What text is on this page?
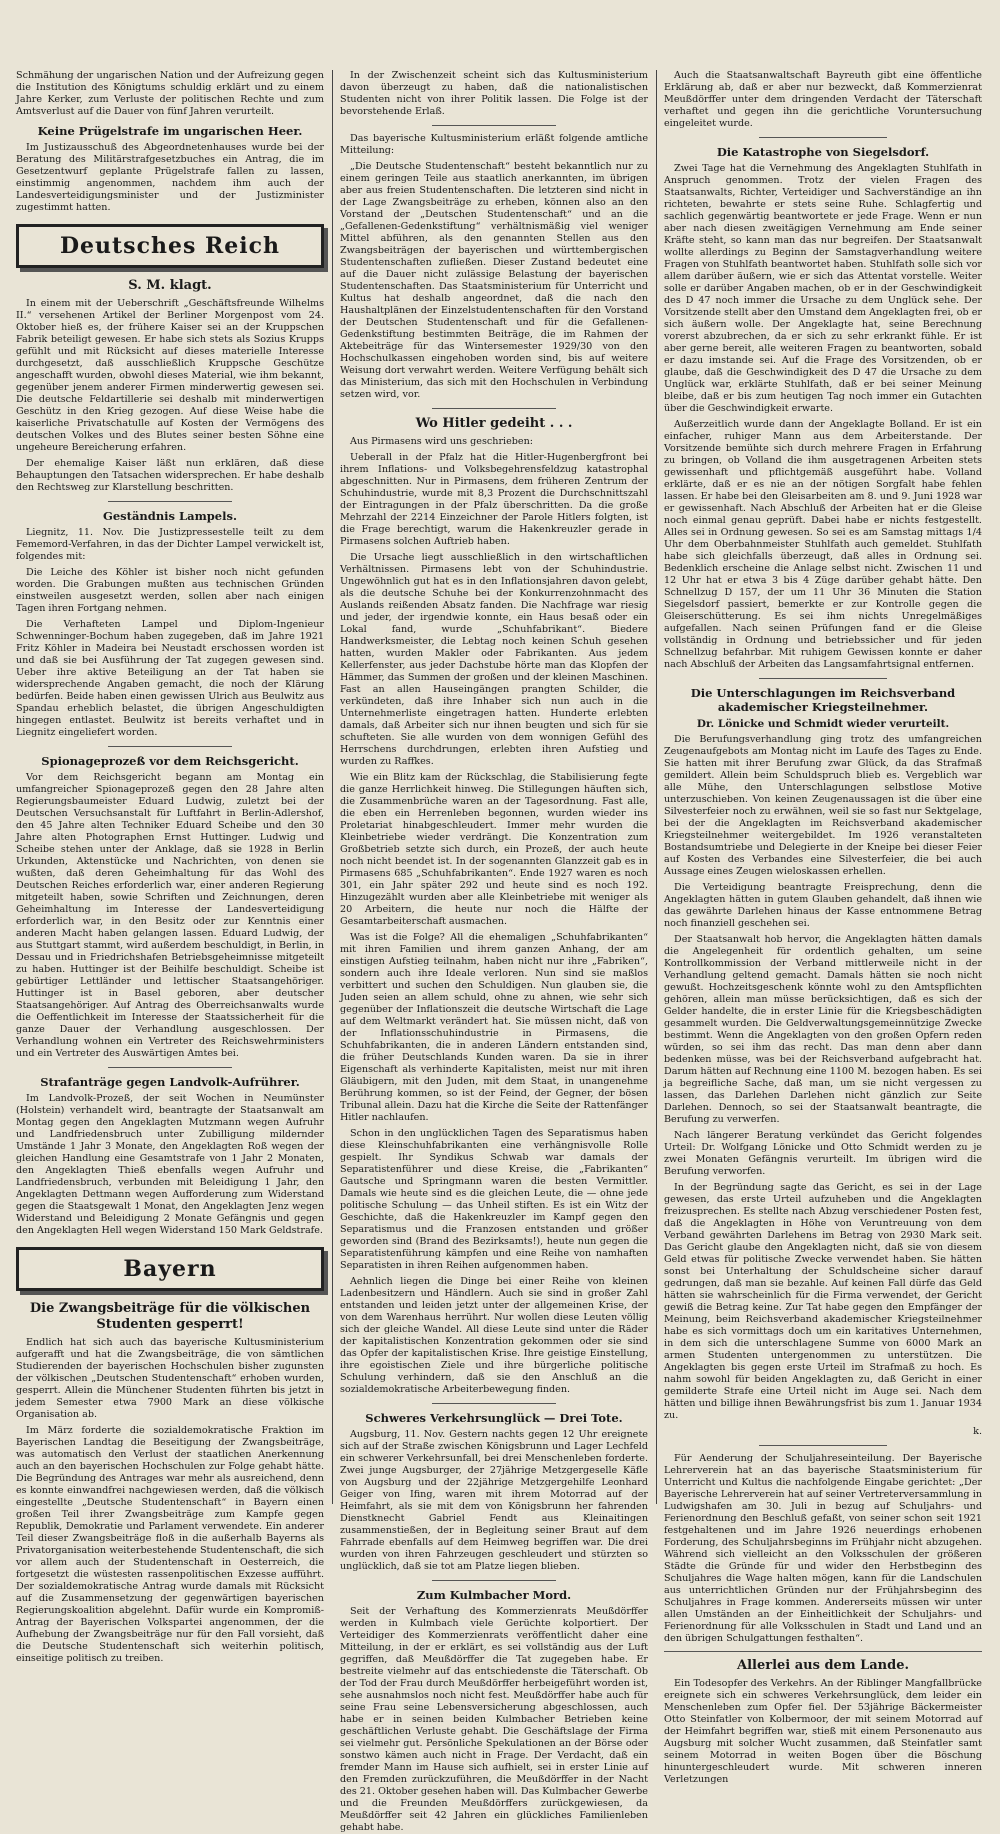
Schmähung der ungarischen Nation und der Aufreizung gegen die Institution des Königtums schuldig erklärt und zu einem Jahre Kerker, zum Verluste der politischen Rechte und zum Amtsverlust auf die Dauer von fünf Jahren verurteilt.

Keine Prügelstrafe im ungarischen Heer.

Im Justizausschuß des Abgeordnetenhauses wurde bei der Beratung des Militärstrafgesetzbuches ein Antrag, die im Gesetzentwurf geplante Prügelstrafe fallen zu lassen, einstimmig angenommen, nachdem ihm auch der Landesverteidigungsminister und der Justizminister zugestimmt hatten.

Deutsches Reich
S. M. klagt.

In einem mit der Ueberschrift „Geschäftsfreunde Wilhelms II.“ versehenen Artikel der Berliner Morgenpost vom 24. Oktober hieß es, der frühere Kaiser sei an der Kruppschen Fabrik beteiligt gewesen. Er habe sich stets als Sozius Krupps gefühlt und mit Rücksicht auf dieses materielle Interesse durchgesetzt, daß ausschließlich Kruppsche Geschütze angeschafft wurden, obwohl dieses Material, wie ihm bekannt, gegenüber jenem anderer Firmen minderwertig gewesen sei. Die deutsche Feldartillerie sei deshalb mit minderwertigen Geschütz in den Krieg gezogen. Auf diese Weise habe die kaiserliche Privatschatulle auf Kosten der Vermögens des deutschen Volkes und des Blutes seiner besten Söhne eine ungeheure Bereicherung erfahren.

Der ehemalige Kaiser läßt nun erklären, daß diese Behauptungen den Tatsachen widersprechen. Er habe deshalb den Rechtsweg zur Klarstellung beschritten.

Geständnis Lampels.

Liegnitz, 11. Nov. Die Justizpressestelle teilt zu dem Fememord-Verfahren, in das der Dichter Lampel verwickelt ist, folgendes mit:

Die Leiche des Köhler ist bisher noch nicht gefunden worden. Die Grabungen mußten aus technischen Gründen einstweilen ausgesetzt werden, sollen aber nach einigen Tagen ihren Fortgang nehmen.

Die Verhafteten Lampel und Diplom-Ingenieur Schwenninger-Bochum haben zugegeben, daß im Jahre 1921 Fritz Köhler in Madeira bei Neustadt erschossen worden ist und daß sie bei Ausführung der Tat zugegen gewesen sind. Ueber ihre aktive Beteiligung an der Tat haben sie widersprechende Angaben gemacht, die noch der Klärung bedürfen. Beide haben einen gewissen Ulrich aus Beulwitz aus Spandau erheblich belastet, die übrigen Angeschuldigten hingegen entlastet. Beulwitz ist bereits verhaftet und in Liegnitz eingeliefert worden.

Spionageprozeß vor dem Reichsgericht.

Vor dem Reichsgericht begann am Montag ein umfangreicher Spionageprozeß gegen den 28 Jahre alten Regierungsbaumeister Eduard Ludwig, zuletzt bei der Deutschen Versuchsanstalt für Luftfahrt in Berlin-Adlershof, den 45 Jahre alten Techniker Eduard Scheibe und den 30 Jahre alten Photographen Ernst Huttinger. Ludwig und Scheibe stehen unter der Anklage, daß sie 1928 in Berlin Urkunden, Aktenstücke und Nachrichten, von denen sie wußten, daß deren Geheimhaltung für das Wohl des Deutschen Reiches erforderlich war, einer anderen Regierung mitgeteilt haben, sowie Schriften und Zeichnungen, deren Geheimhaltung im Interesse der Landesverteidigung erforderlich war, in den Besitz oder zur Kenntnis einer anderen Macht haben gelangen lassen. Eduard Ludwig, der aus Stuttgart stammt, wird außerdem beschuldigt, in Berlin, in Dessau und in Friedrichshafen Betriebsgeheimnisse mitgeteilt zu haben. Huttinger ist der Beihilfe beschuldigt. Scheibe ist gebürtiger Lettländer und lettischer Staatsangehöriger. Huttinger ist in Basel geboren, aber deutscher Staatsangehöriger. Auf Antrag des Oberreichsanwalts wurde die Oeffentlichkeit im Interesse der Staatssicherheit für die ganze Dauer der Verhandlung ausgeschlossen. Der Verhandlung wohnen ein Vertreter des Reichswehrministers und ein Vertreter des Auswärtigen Amtes bei.

Strafanträge gegen Landvolk-Aufrührer.

Im Landvolk-Prozeß, der seit Wochen in Neumünster (Holstein) verhandelt wird, beantragte der Staatsanwalt am Montag gegen den Angeklagten Mutzmann wegen Aufruhr und Landfriedensbruch unter Zubilligung mildernder Umstände 1 Jahr 3 Monate, den Angeklagten Roß wegen der gleichen Handlung eine Gesamtstrafe von 1 Jahr 2 Monaten, den Angeklagten Thieß ebenfalls wegen Aufruhr und Landfriedensbruch, verbunden mit Beleidigung 1 Jahr, den Angeklagten Dettmann wegen Aufforderung zum Widerstand gegen die Staatsgewalt 1 Monat, den Angeklagten Jenz wegen Widerstand und Beleidigung 2 Monate Gefängnis und gegen den Angeklagten Hell wegen Widerstand 150 Mark Geldstrafe.

Bayern
Die Zwangsbeiträge für die völkischen Studenten gesperrt!

Endlich hat sich auch das bayerische Kultusministerium aufgerafft und hat die Zwangsbeiträge, die von sämtlichen Studierenden der bayerischen Hochschulen bisher zugunsten der völkischen „Deutschen Studentenschaft“ erhoben wurden, gesperrt. Allein die Münchener Studenten führten bis jetzt in jedem Semester etwa 7900 Mark an diese völkische Organisation ab.

Im März forderte die sozialdemokratische Fraktion im Bayerischen Landtag die Beseitigung der Zwangsbeiträge, was automatisch den Verlust der staatlichen Anerkennung auch an den bayerischen Hochschulen zur Folge gehabt hätte. Die Begründung des Antrages war mehr als ausreichend, denn es konnte einwandfrei nachgewiesen werden, daß die völkisch eingestellte „Deutsche Studentenschaft“ in Bayern einen großen Teil ihrer Zwangsbeiträge zum Kampfe gegen Republik, Demokratie und Parlament verwendete. Ein anderer Teil dieser Zwangsbeiträge floß in die außerhalb Bayerns als Privatorganisation weiterbestehende Studentenschaft, die sich vor allem auch der Studentenschaft in Oesterreich, die fortgesetzt die wüstesten rassenpolitischen Exzesse aufführt. Der sozialdemokratische Antrag wurde damals mit Rücksicht auf die Zusammensetzung der gegenwärtigen bayerischen Regierungskoalition abgelehnt. Dafür wurde ein Kompromiß-Antrag der Bayerischen Volkspartei angenommen, der die Aufhebung der Zwangsbeiträge nur für den Fall vorsieht, daß die Deutsche Studentenschaft sich weiterhin politisch, einseitige politisch zu treiben.

In der Zwischenzeit scheint sich das Kultusministerium davon überzeugt zu haben, daß die nationalistischen Studenten nicht von ihrer Politik lassen. Die Folge ist der bevorstehende Erlaß.

Das bayerische Kultusministerium erläßt folgende amtliche Mitteilung:

„Die Deutsche Studentenschaft“ besteht bekanntlich nur zu einem geringen Teile aus staatlich anerkannten, im übrigen aber aus freien Studentenschaften. Die letzteren sind nicht in der Lage Zwangsbeiträge zu erheben, können also an den Vorstand der „Deutschen Studentenschaft“ und an die „Gefallenen-Gedenkstiftung“ verhältnismäßig viel weniger Mittel abführen, als den genannten Stellen aus den Zwangsbeiträgen der bayerischen und württembergischen Studentenschaften zufließen. Dieser Zustand bedeutet eine auf die Dauer nicht zulässige Belastung der bayerischen Studentenschaften. Das Staatsministerium für Unterricht und Kultus hat deshalb angeordnet, daß die nach den Haushaltplänen der Einzelstudentenschaften für den Vorstand der Deutschen Studentenschaft und für die Gefallenen-Gedenkstiftung bestimmten Beiträge, die im Rahmen der Aktebeiträge für das Wintersemester 1929/30 von den Hochschulkassen eingehoben worden sind, bis auf weitere Weisung dort verwahrt werden. Weitere Verfügung behält sich das Ministerium, das sich mit den Hochschulen in Verbindung setzen wird, vor.

Wo Hitler gedeiht . . .

Aus Pirmasens wird uns geschrieben:

Ueberall in der Pfalz hat die Hitler-Hugenbergfront bei ihrem Inflations- und Volksbegehrensfeldzug katastrophal abgeschnitten. Nur in Pirmasens, dem früheren Zentrum der Schuhindustrie, wurde mit 8,3 Prozent die Durchschnittszahl der Eintragungen in der Pfalz überschritten. Da die große Mehrzahl der 2214 Einzeichner der Parole Hitlers folgten, ist die Frage berechtigt, warum die Hakenkreuzler gerade in Pirmasens solchen Auftrieb haben.

Die Ursache liegt ausschließlich in den wirtschaftlichen Verhältnissen. Pirmasens lebt von der Schuhindustrie. Ungewöhnlich gut hat es in den Inflationsjahren davon gelebt, als die deutsche Schuhe bei der Konkurrenzohnmacht des Auslands reißenden Absatz fanden. Die Nachfrage war riesig und jeder, der irgendwie konnte, ein Haus besaß oder ein Lokal fand, wurde „Schuhfabrikant“. Biedere Handwerksmeister, die Lebtag noch keinen Schuh gesehen hatten, wurden Makler oder Fabrikanten. Aus jedem Kellerfenster, aus jeder Dachstube hörte man das Klopfen der Hämmer, das Summen der großen und der kleinen Maschinen. Fast an allen Hauseingängen prangten Schilder, die verkündeten, daß ihre Inhaber sich nun auch in die Unternehmerliste eingetragen hatten. Hunderte erlebten damals, daß Arbeiter sich nur ihnen beugten und sich für sie schufteten. Sie alle wurden von dem wonnigen Gefühl des Herrschens durchdrungen, erlebten ihren Aufstieg und wurden zu Raffkes.

Wie ein Blitz kam der Rückschlag, die Stabilisierung fegte die ganze Herrlichkeit hinweg. Die Stillegungen häuften sich, die Zusammenbrüche waren an der Tagesordnung. Fast alle, die eben ein Herrenleben begonnen, wurden wieder ins Proletariat hinabgeschleudert. Immer mehr wurden die Kleinbetriebe wieder verdrängt. Die Konzentration zum Großbetrieb setzte sich durch, ein Prozeß, der auch heute noch nicht beendet ist. In der sogenannten Glanzzeit gab es in Pirmasens 685 „Schuhfabrikanten“. Ende 1927 waren es noch 301, ein Jahr später 292 und heute sind es noch 192. Hinzugezählt wurden aber alle Kleinbetriebe mit weniger als 20 Arbeitern, die heute nur noch die Hälfte der Gesamtarbeiterschaft ausmachen.

Was ist die Folge? All die ehemaligen „Schuhfabrikanten“ mit ihren Familien und ihrem ganzen Anhang, der am einstigen Aufstieg teilnahm, haben nicht nur ihre „Fabriken“, sondern auch ihre Ideale verloren. Nun sind sie maßlos verbittert und suchen den Schuldigen. Nun glauben sie, die Juden seien an allem schuld, ohne zu ahnen, wie sehr sich gegenüber der Inflationszeit die deutsche Wirtschaft die Lage auf dem Weltmarkt verändert hat. Sie müssen nicht, daß von der Inflationsschuhindustrie in Pirmasens, die Schuhfabrikanten, die in anderen Ländern entstanden sind, die früher Deutschlands Kunden waren. Da sie in ihrer Eigenschaft als verhinderte Kapitalisten, meist nur mit ihren Gläubigern, mit den Juden, mit dem Staat, in unangenehme Berührung kommen, so ist der Feind, der Gegner, der bösen Tribunal allein. Dazu hat die Kirche die Seite der Rattenfänger Hitler nachlaufen.

Schon in den unglücklichen Tagen des Separatismus haben diese Kleinschuhfabrikanten eine verhängnisvolle Rolle gespielt. Ihr Syndikus Schwab war damals der Separatistenführer und diese Kreise, die „Fabrikanten“ Gautsche und Springmann waren die besten Vermittler. Damals wie heute sind es die gleichen Leute, die — ohne jede politische Schulung — das Unheil stiften. Es ist ein Witz der Geschichte, daß die Hakenkreuzler im Kampf gegen den Separatismus und die Franzosen entstanden und größer geworden sind (Brand des Bezirksamts!), heute nun gegen die Separatistenführung kämpfen und eine Reihe von namhaften Separatisten in ihren Reihen aufgenommen haben.

Aehnlich liegen die Dinge bei einer Reihe von kleinen Ladenbesitzern und Händlern. Auch sie sind in großer Zahl entstanden und leiden jetzt unter der allgemeinen Krise, der von dem Warenhaus herrührt. Nur wollen diese Leuten völlig sich der gleiche Wandel. All diese Leute sind unter die Räder der kapitalistischen Konzentration gekommen oder sie sind das Opfer der kapitalistischen Krise. Ihre geistige Einstellung, ihre egoistischen Ziele und ihre bürgerliche politische Schulung verhindern, daß sie den Anschluß an die sozialdemokratische Arbeiterbewegung finden.

Schweres Verkehrsunglück — Drei Tote.

Augsburg, 11. Nov. Gestern nachts gegen 12 Uhr ereignete sich auf der Straße zwischen Königsbrunn und Lager Lechfeld ein schwerer Verkehrsunfall, bei drei Menschenleben forderte. Zwei junge Augsburger, der 27jährige Metzgergeselle Käfle von Augsburg und der 22jährige Metzgergehilfe Leonhard Geiger von Ifing, waren mit ihrem Motorrad auf der Heimfahrt, als sie mit dem von Königsbrunn her fahrenden Dienstknecht Gabriel Fendt aus Kleinaitingen zusammenstießen, der in Begleitung seiner Braut auf dem Fahrrade ebenfalls auf dem Heimweg begriffen war. Die drei wurden von ihren Fahrzeugen geschleudert und stürzten so unglücklich, daß sie tot am Platze liegen blieben.

Zum Kulmbacher Mord.

Seit der Verhaftung des Kommerzienrats Meußdörffer werden in Kulmbach viele Gerüchte kolportiert. Der Verteidiger des Kommerzienrats veröffentlicht daher eine Mitteilung, in der er erklärt, es sei vollständig aus der Luft gegriffen, daß Meußdörffer die Tat zugegeben habe. Er bestreite vielmehr auf das entschiedenste die Täterschaft. Ob der Tod der Frau durch Meußdörffer herbeigeführt worden ist, sehe ausnahmslos noch nicht fest. Meußdörffer habe auch für seine Frau seine Lebensversicherung abgeschlossen, auch habe er in seinen beiden Kulmbacher Betrieben keine geschäftlichen Verluste gehabt. Die Geschäftslage der Firma sei vielmehr gut. Persönliche Spekulationen an der Börse oder sonstwo kämen auch nicht in Frage. Der Verdacht, daß ein fremder Mann im Hause sich aufhielt, sei in erster Linie auf den Fremden zurückzuführen, die Meußdörffer in der Nacht des 21. Oktober gesehen haben will. Das Kulmbacher Gewerbe und die Freunden Meußdörffers zurückgewiesen, da Meußdörffer seit 42 Jahren ein glückliches Familienleben gehabt habe.

Auch die Staatsanwaltschaft Bayreuth gibt eine öffentliche Erklärung ab, daß er aber nur bezweckt, daß Kommerzienrat Meußdörffer unter dem dringenden Verdacht der Täterschaft verhaftet und gegen ihn die gerichtliche Voruntersuchung eingeleitet wurde.

Die Katastrophe von Siegelsdorf.

Zwei Tage hat die Vernehmung des Angeklagten Stuhlfath in Anspruch genommen. Trotz der vielen Fragen des Staatsanwalts, Richter, Verteidiger und Sachverständige an ihn richteten, bewahrte er stets seine Ruhe. Schlagfertig und sachlich gegenwärtig beantwortete er jede Frage. Wenn er nun aber nach diesen zweitägigen Vernehmung am Ende seiner Kräfte steht, so kann man das nur begreifen. Der Staatsanwalt wollte allerdings zu Beginn der Samstagverhandlung weitere Fragen von Stuhlfath beantwortet haben. Stuhlfath solle sich vor allem darüber äußern, wie er sich das Attentat vorstelle. Weiter solle er darüber Angaben machen, ob er in der Geschwindigkeit des D 47 noch immer die Ursache zu dem Unglück sehe. Der Vorsitzende stellt aber den Umstand dem Angeklagten frei, ob er sich äußern wolle. Der Angeklagte hat, seine Berechnung vorerst abzubrechen, da er sich zu sehr erkrankt fühle. Er ist aber gerne bereit, alle weiteren Fragen zu beantworten, sobald er dazu imstande sei. Auf die Frage des Vorsitzenden, ob er glaube, daß die Geschwindigkeit des D 47 die Ursache zu dem Unglück war, erklärte Stuhlfath, daß er bei seiner Meinung bleibe, daß er bis zum heutigen Tag noch immer ein Gutachten über die Geschwindigkeit erwarte.

Außerzeitlich wurde dann der Angeklagte Bolland. Er ist ein einfacher, ruhiger Mann aus dem Arbeiterstande. Der Vorsitzende bemühte sich durch mehrere Fragen in Erfahrung zu bringen, ob Volland die ihm ausgetragenen Arbeiten stets gewissenhaft und pflichtgemäß ausgeführt habe. Volland erklärte, daß er es nie an der nötigen Sorgfalt habe fehlen lassen. Er habe bei den Gleisarbeiten am 8. und 9. Juni 1928 war er gewissenhaft. Nach Abschluß der Arbeiten hat er die Gleise noch einmal genau geprüft. Dabei habe er nichts festgestellt. Alles sei in Ordnung gewesen. So sei es am Samstag mittags 1/4 Uhr dem Oberbahnmeister Stuhlfath auch gemeldet. Stuhlfath habe sich gleichfalls überzeugt, daß alles in Ordnung sei. Bedenklich erscheine die Anlage selbst nicht. Zwischen 11 und 12 Uhr hat er etwa 3 bis 4 Züge darüber gehabt hätte. Den Schnellzug D 157, der um 11 Uhr 36 Minuten die Station Siegelsdorf passiert, bemerkte er zur Kontrolle gegen die Gleiserschütterung. Es sei ihm nichts Unregelmäßiges aufgefallen. Nach seinen Prüfungen fand er die Gleise vollständig in Ordnung und betriebssicher und für jeden Schnellzug befahrbar. Mit ruhigem Gewissen konnte er daher nach Abschluß der Arbeiten das Langsamfahrtsignal entfernen.

Die Unterschlagungen im Reichsverband akademischer Kriegsteilnehmer.
Dr. Lönicke und Schmidt wieder verurteilt.

Die Berufungsverhandlung ging trotz des umfangreichen Zeugenaufgebots am Montag nicht im Laufe des Tages zu Ende. Sie hatten mit ihrer Berufung zwar Glück, da das Strafmaß gemildert. Allein beim Schuldspruch blieb es. Vergeblich war alle Mühe, den Unterschlagungen selbstlose Motive unterzuschieben. Von keinen Zeugenaussagen ist die über eine Silvesterfeier noch zu erwähnen, weil sie so fast nur Sektgelage, bei der die Angeklagten im Reichsverband akademischer Kriegsteilnehmer weitergebildet. Im 1926 veranstalteten Bostandsumtriebe und Delegierte in der Kneipe bei dieser Feier auf Kosten des Verbandes eine Silvesterfeier, die bei auch Aussage eines Zeugen wieloskassen erhellen.

Die Verteidigung beantragte Freisprechung, denn die Angeklagten hätten in gutem Glauben gehandelt, daß ihnen wie das gewährte Darlehen hinaus der Kasse entnommene Betrag noch finanziell geschehen sei.

Der Staatsanwalt hob hervor, die Angeklagten hätten damals die Angelegenheit für ordentlich gehalten, um seine Kontrollkommission der Verband mittlerweile nicht in der Verhandlung geltend gemacht. Damals hätten sie noch nicht gewußt. Hochzeitsgeschenk könnte wohl zu den Amtspflichten gehören, allein man müsse berücksichtigen, daß es sich der Gelder handelte, die in erster Linie für die Kriegsbeschädigten gesammelt wurden. Die Geldverwaltungsgemeinnützige Zwecke bestimmt. Wenn die Angeklagten von den großen Opfern reden würden, so sei ihm das recht. Das man denn aber dann bedenken müsse, was bei der Reichsverband aufgebracht hat. Darum hätten auf Rechnung eine 1100 M. bezogen haben. Es sei ja begreifliche Sache, daß man, um sie nicht vergessen zu lassen, das Darlehen Darlehen nicht gänzlich zur Seite Darlehen. Dennoch, so sei der Staatsanwalt beantragte, die Berufung zu verwerfen.

Nach längerer Beratung verkündet das Gericht folgendes Urteil: Dr. Wolfgang Lönicke und Otto Schmidt werden zu je zwei Monaten Gefängnis verurteilt. Im übrigen wird die Berufung verworfen.

In der Begründung sagte das Gericht, es sei in der Lage gewesen, das erste Urteil aufzuheben und die Angeklagten freizusprechen. Es stellte nach Abzug verschiedener Posten fest, daß die Angeklagten in Höhe von Veruntreuung von dem Verband gewährten Darlehens im Betrag von 2930 Mark seit. Das Gericht glaube den Angeklagten nicht, daß sie von diesem Geld etwas für politische Zwecke verwendet haben. Sie hätten sonst bei Unterhaltung der Schuldscheine sicher darauf gedrungen, daß man sie bezahle. Auf keinen Fall dürfe das Geld hätten sie wahrscheinlich für die Firma verwendet, der Gericht gewiß die Betrag keine. Zur Tat habe gegen den Empfänger der Meinung, beim Reichsverband akademischer Kriegsteilnehmer habe es sich vormittags doch um ein karitatives Unternehmen, in dem sich die unterschlagene Summe von 6000 Mark an armen Studenten untergenommen zu unterstützen. Die Angeklagten bis gegen erste Urteil im Strafmaß zu hoch. Es nahm sowohl für beiden Angeklagten zu, daß Gericht in einer gemilderte Strafe eine Urteil nicht im Auge sei. Nach dem hätten und billige ihnen Bewährungsfrist bis zum 1. Januar 1934 zu.

k.

Für Aenderung der Schuljahreseinteilung. Der Bayerische Lehrerverein hat an das bayerische Staatsministerium für Unterricht und Kultus die nachfolgende Eingabe gerichtet: „Der Bayerische Lehrerverein hat auf seiner Vertreterversammlung in Ludwigshafen am 30. Juli in bezug auf Schuljahrs- und Ferienordnung den Beschluß gefaßt, von seiner schon seit 1921 festgehaltenen und im Jahre 1926 neuerdings erhobenen Forderung, des Schuljahrsbeginns im Frühjahr nicht abzugehen. Während sich vielleicht an den Volksschulen der größeren Städte die Gründe für und wider den Herbstbeginn des Schuljahres die Wage halten mögen, kann für die Landschulen aus unterrichtlichen Gründen nur der Frühjahrsbeginn des Schuljahres in Frage kommen. Andererseits müssen wir unter allen Umständen an der Einheitlichkeit der Schuljahrs- und Ferienordnung für alle Volksschulen in Stadt und Land und an den übrigen Schulgattungen festhalten“.

Allerlei aus dem Lande.

Ein Todesopfer des Verkehrs. An der Riblinger Mangfallbrücke ereignete sich ein schweres Verkehrsunglück, dem leider ein Menschenleben zum Opfer fiel. Der 53jährige Bäckermeister Otto Steinfatler von Kolbermoor, der mit seinem Motorrad auf der Heimfahrt begriffen war, stieß mit einem Personenauto aus Augsburg mit solcher Wucht zusammen, daß Steinfatler samt seinem Motorrad in weiten Bogen über die Böschung hinuntergeschleudert wurde. Mit schweren inneren Verletzungen
